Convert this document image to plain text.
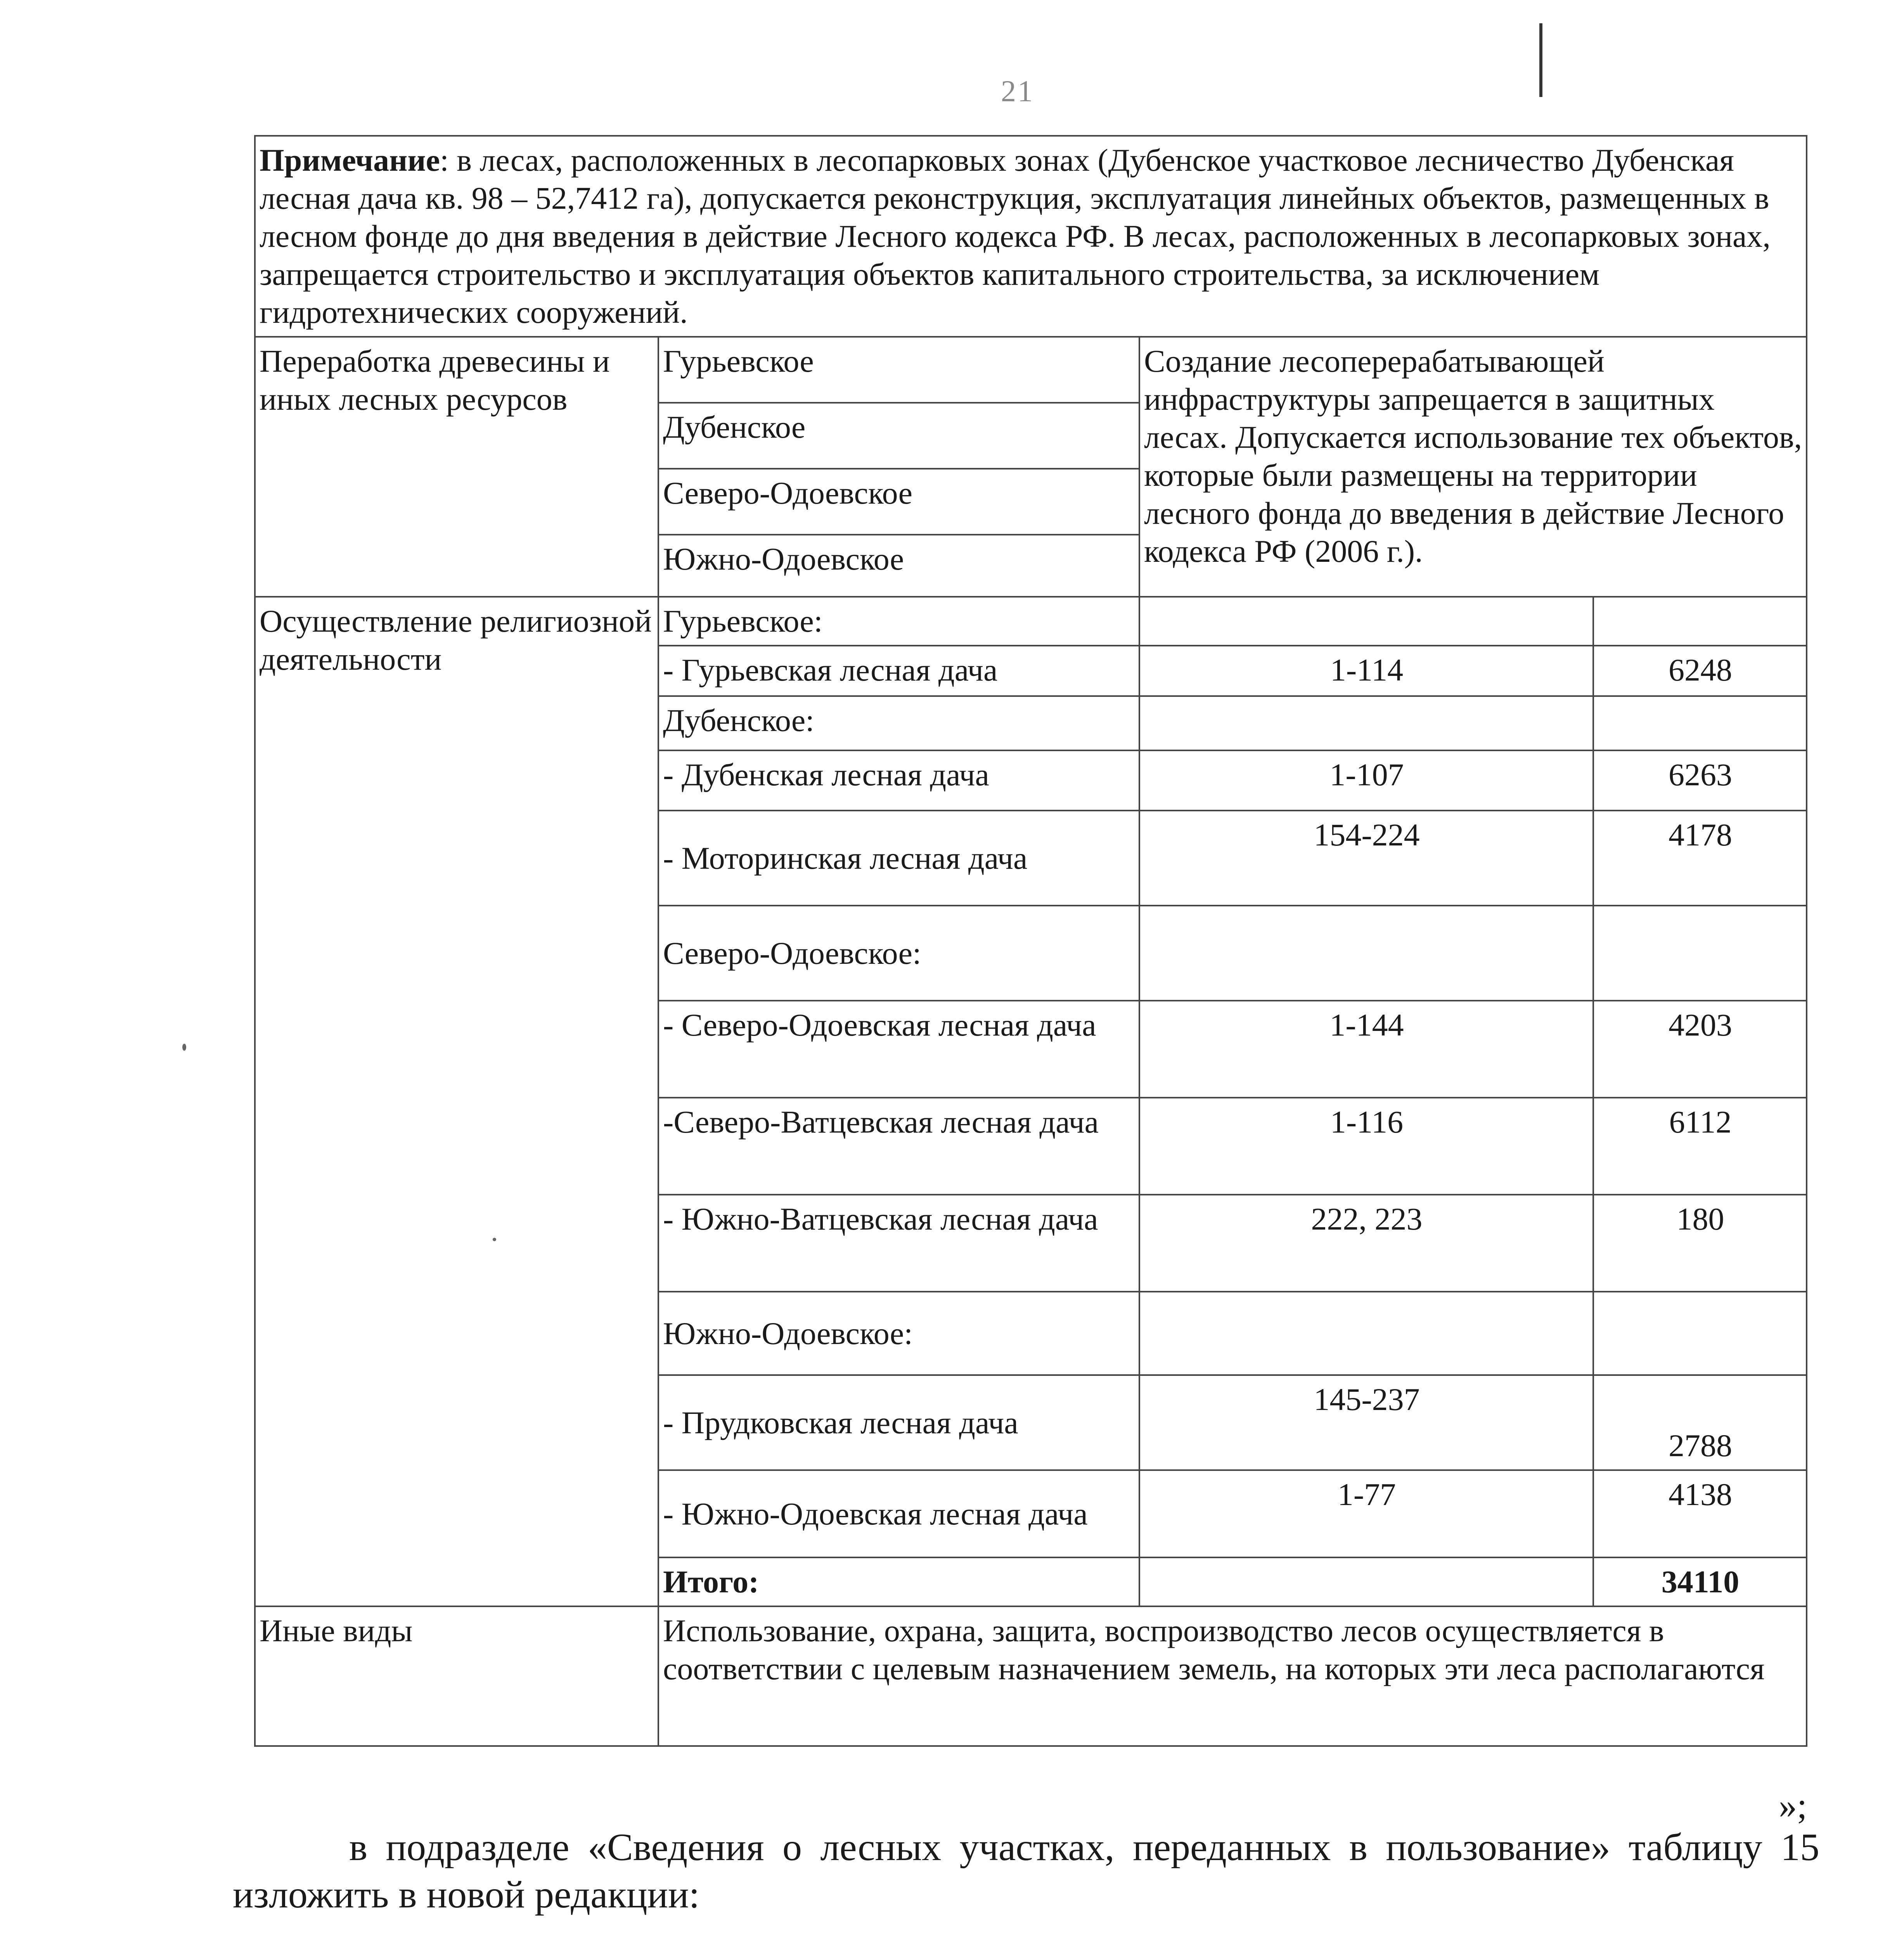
21
Примечание: в лесах, расположенных в лесопарковых зонах (Дубенское участковое лесничество Дубенская лесная дача кв. 98 – 52,7412 га), допускается реконструкция, эксплуатация линейных объектов, размещенных в лесном фонде до дня введения в действие Лесного кодекса РФ. В лесах, расположенных в лесопарковых зонах, запрещается строительство и эксплуатация объектов капитального строительства, за исключением гидротехнических сооружений.			
Переработка древесины и иных лесных ресурсов	Гурьевское	Создание лесоперерабатывающей инфраструктуры запрещается в защитных лесах. Допускается использование тех объектов, которые были размещены на территории лесного фонда до введения в действие Лесного кодекса РФ (2006 г.).	
	Дубенское		
	Северо-Одоевское		
	Южно-Одоевское		
Осуществление религиозной деятельности	Гурьевское:		
	- Гурьевская лесная дача	1-114	6248
	Дубенское:		
	- Дубенская лесная дача	1-107	6263
	- Моторинская лесная дача	154-224	4178
	Северо-Одоевское:		
	- Северо-Одоевская лесная дача	1-144	4203
	-Северо-Ватцевская лесная дача	1-116	6112
	- Южно-Ватцевская лесная дача	222, 223	180
	Южно-Одоевское:		
	- Прудковская лесная дача	145-237	2788
	- Южно-Одоевская лесная дача	1-77	4138
	Итого:		34110
Иные виды	Использование, охрана, защита, воспроизводство лесов осуществляется в соответствии с целевым назначением земель, на которых эти леса располагаются		
»;
в подразделе «Сведения о лесных участках, переданных в пользование» таблицу 15 изложить в новой редакции:
